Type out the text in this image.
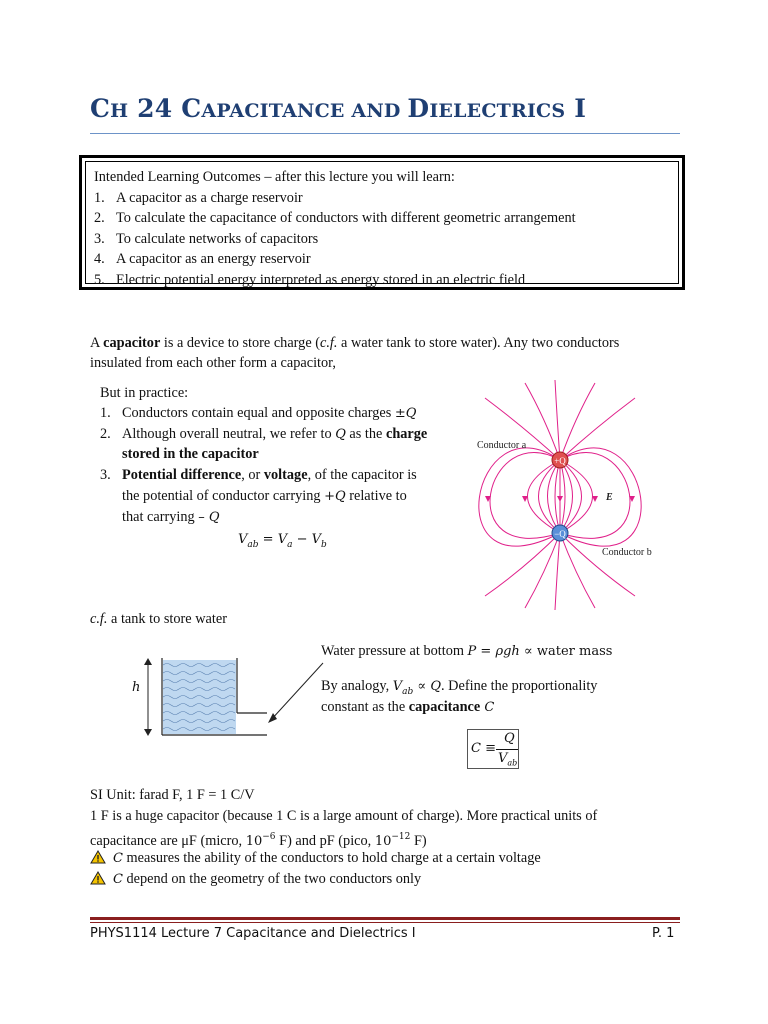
CH 24 CAPACITANCE AND DIELECTRICS I
Intended Learning Outcomes – after this lecture you will learn:
1. A capacitor as a charge reservoir
2. To calculate the capacitance of conductors with different geometric arrangement
3. To calculate networks of capacitors
4. A capacitor as an energy reservoir
5. Electric potential energy interpreted as energy stored in an electric field
A capacitor is a device to store charge (c.f. a water tank to store water). Any two conductors
insulated from each other form a capacitor,
But in practice:
1. Conductors contain equal and opposite charges ±Q
2. Although overall neutral, we refer to Q as the charge
stored in the capacitor
3. Potential difference, or voltage, of the capacitor is
the potential of conductor carrying +Q relative to
that carrying – Q
$V_{ab} = V_a - V_b$
+Q
−Q
Conductor a
Conductor b
E
c.f. a tank to store water
h
Water pressure at bottom P = ρgh ∝ water mass
By analogy, $V_{ab} \propto Q$. Define the proportionality
constant as the capacitance C
C ≡
Q
$V_{ab}$
SI Unit: farad F, 1 F = 1 C/V
1 F is a huge capacitor (because 1 C is a large amount of charge). More practical units of
capacitance are μF (micro, $10^{-6}$ F) and pF (pico, $10^{-12}$ F)
C measures the ability of the conductors to hold charge at a certain voltage
C depend on the geometry of the two conductors only
PHYS1114 Lecture 7 Capacitance and Dielectrics I	P. 1
